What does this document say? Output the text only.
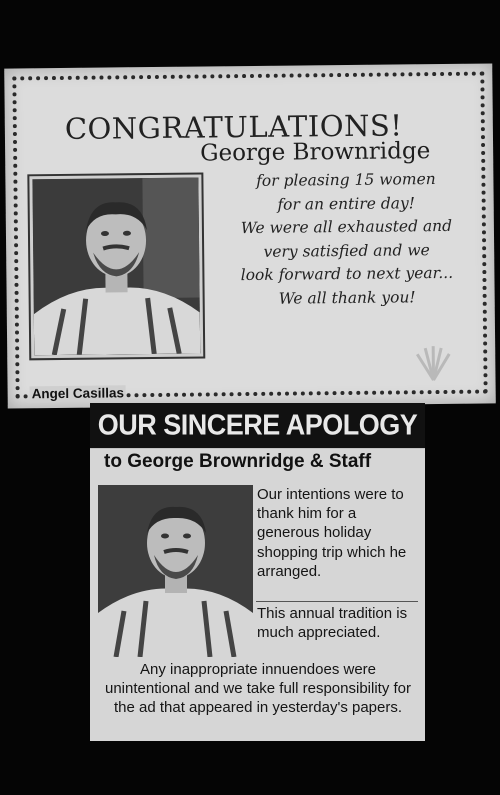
CONGRATULATIONS!
George Brownridge
for pleasing 15 women
for an entire day!
We were all exhausted and
very satisfied and we
look forward to next year...
We all thank you!
Angel Casillas
OUR SINCERE APOLOGY
to George Brownridge & Staff
Our intentions were to thank him for a generous holiday shopping trip which he arranged.
This annual tradition is much appreciated.
Any inappropriate innuendoes were unintentional and we take full responsibility for the ad that appeared in yesterday's papers.
